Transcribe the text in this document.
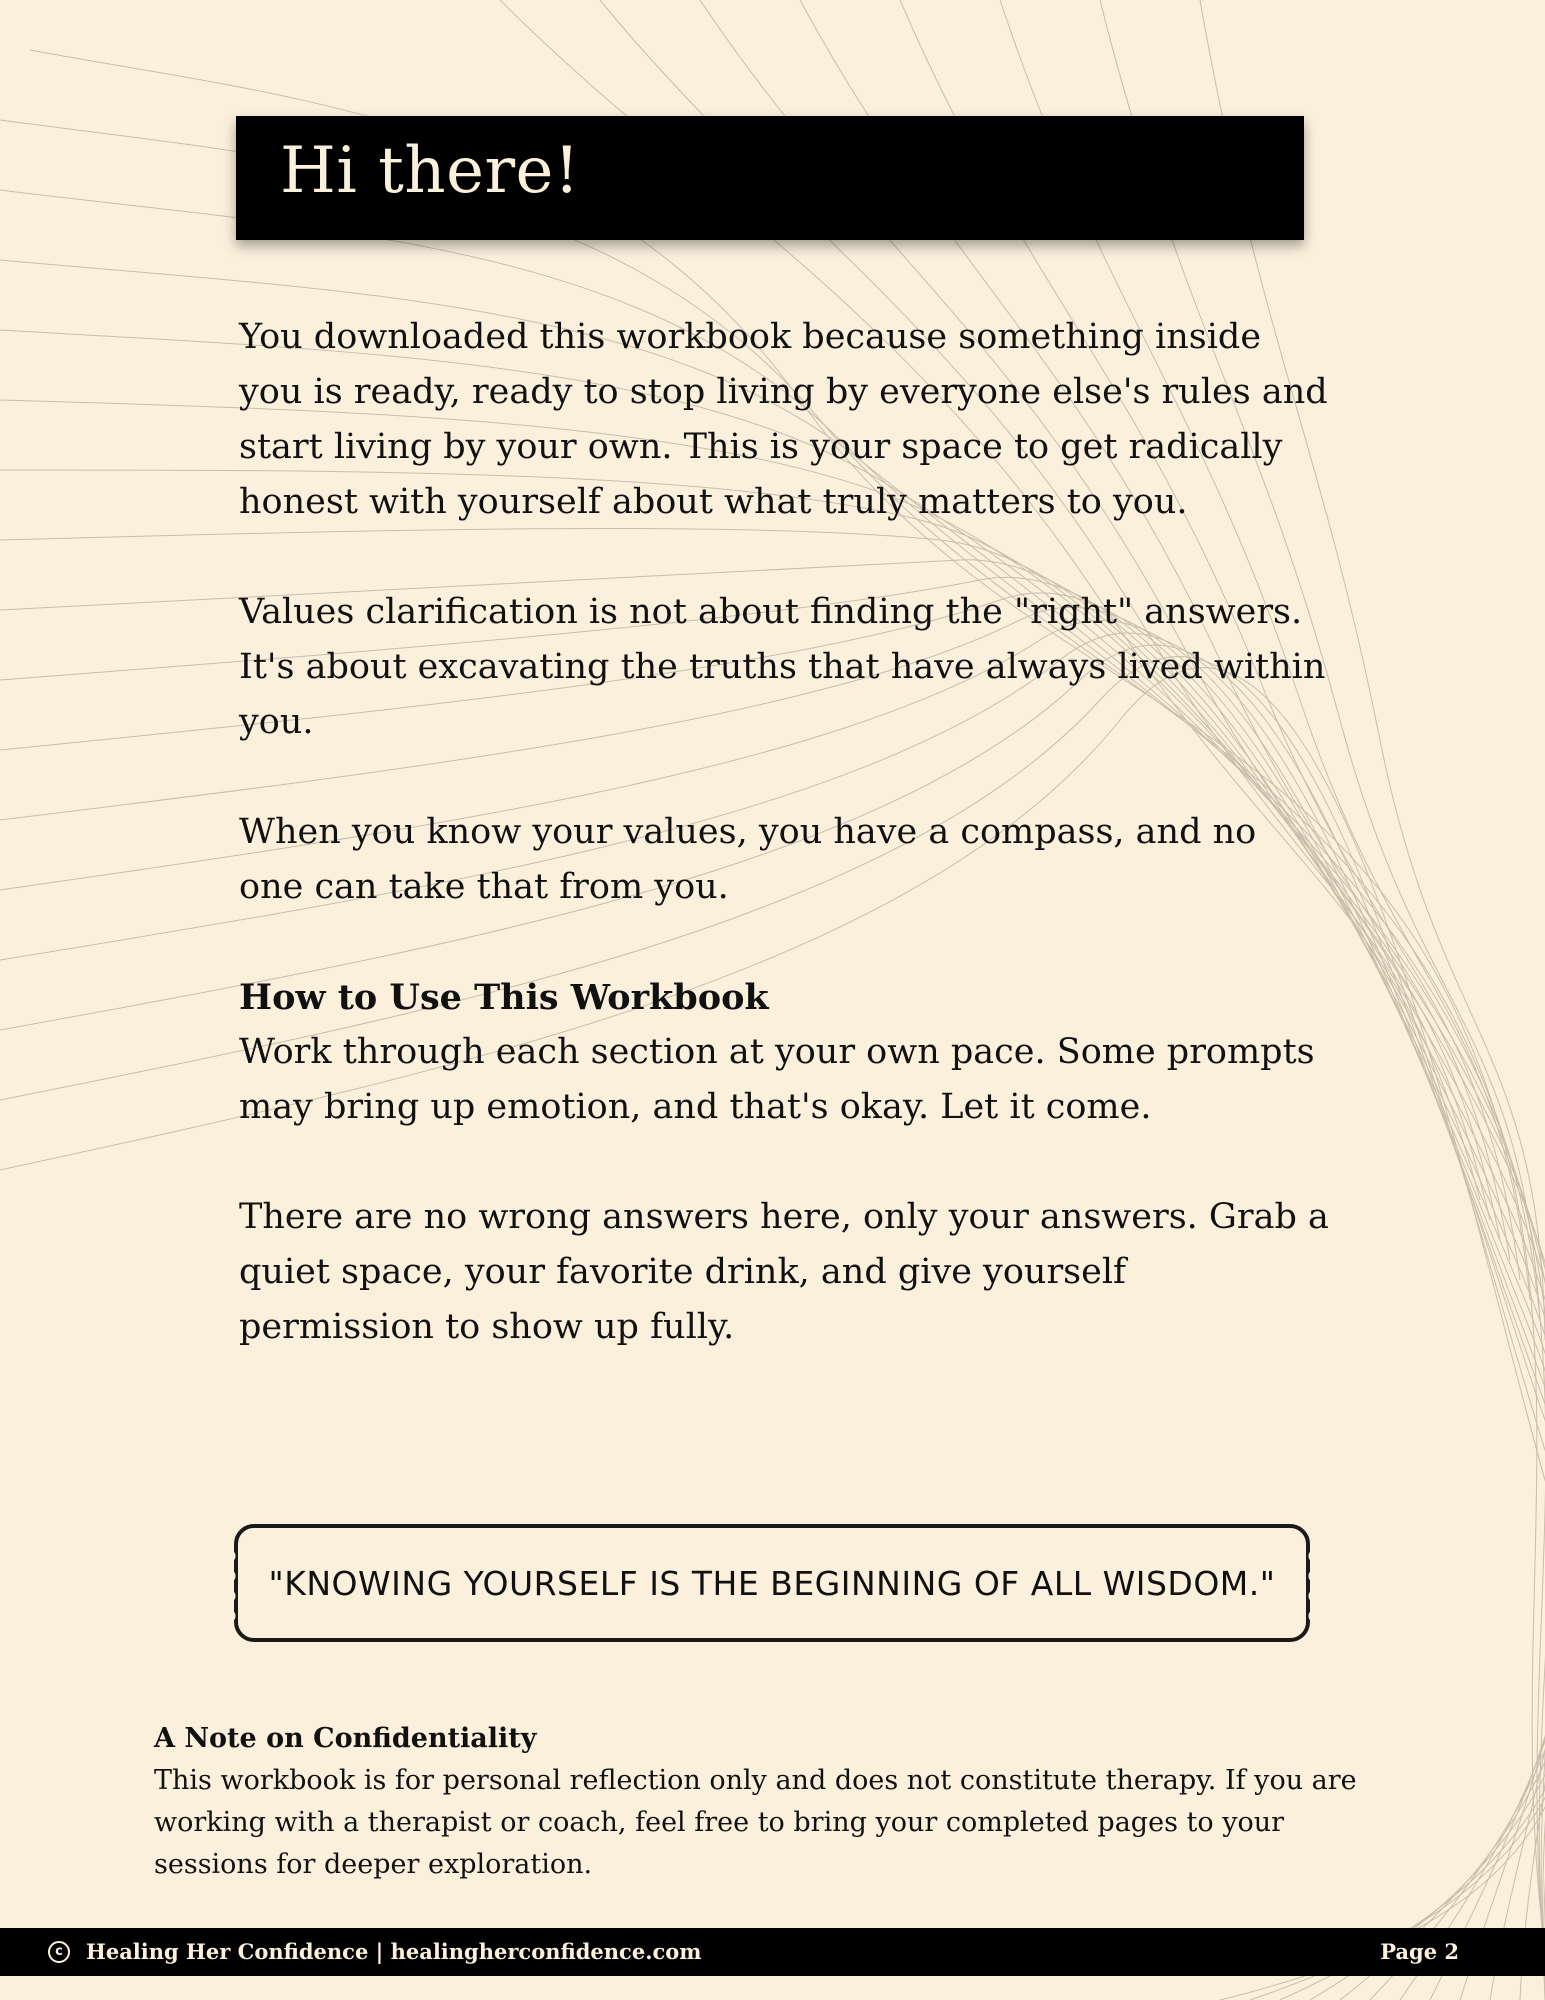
Hi there!

You downloaded this workbook because something inside you is ready, ready to stop living by everyone else's rules and start living by your own. This is your space to get radically honest with yourself about what truly matters to you.

Values clarification is not about finding the "right" answers. It's about excavating the truths that have always lived within you.

When you know your values, you have a compass, and no one can take that from you.

How to Use This Workbook

Work through each section at your own pace. Some prompts may bring up emotion, and that's okay. Let it come.

There are no wrong answers here, only your answers. Grab a quiet space, your favorite drink, and give yourself permission to show up fully.

"KNOWING YOURSELF IS THE BEGINNING OF ALL WISDOM."
A Note on Confidentiality

This workbook is for personal reflection only and does not constitute therapy. If you are working with a therapist or coach, feel free to bring your completed pages to your sessions for deeper exploration.

c	Healing Her Confidence | healingherconfidence.com	Page 2
